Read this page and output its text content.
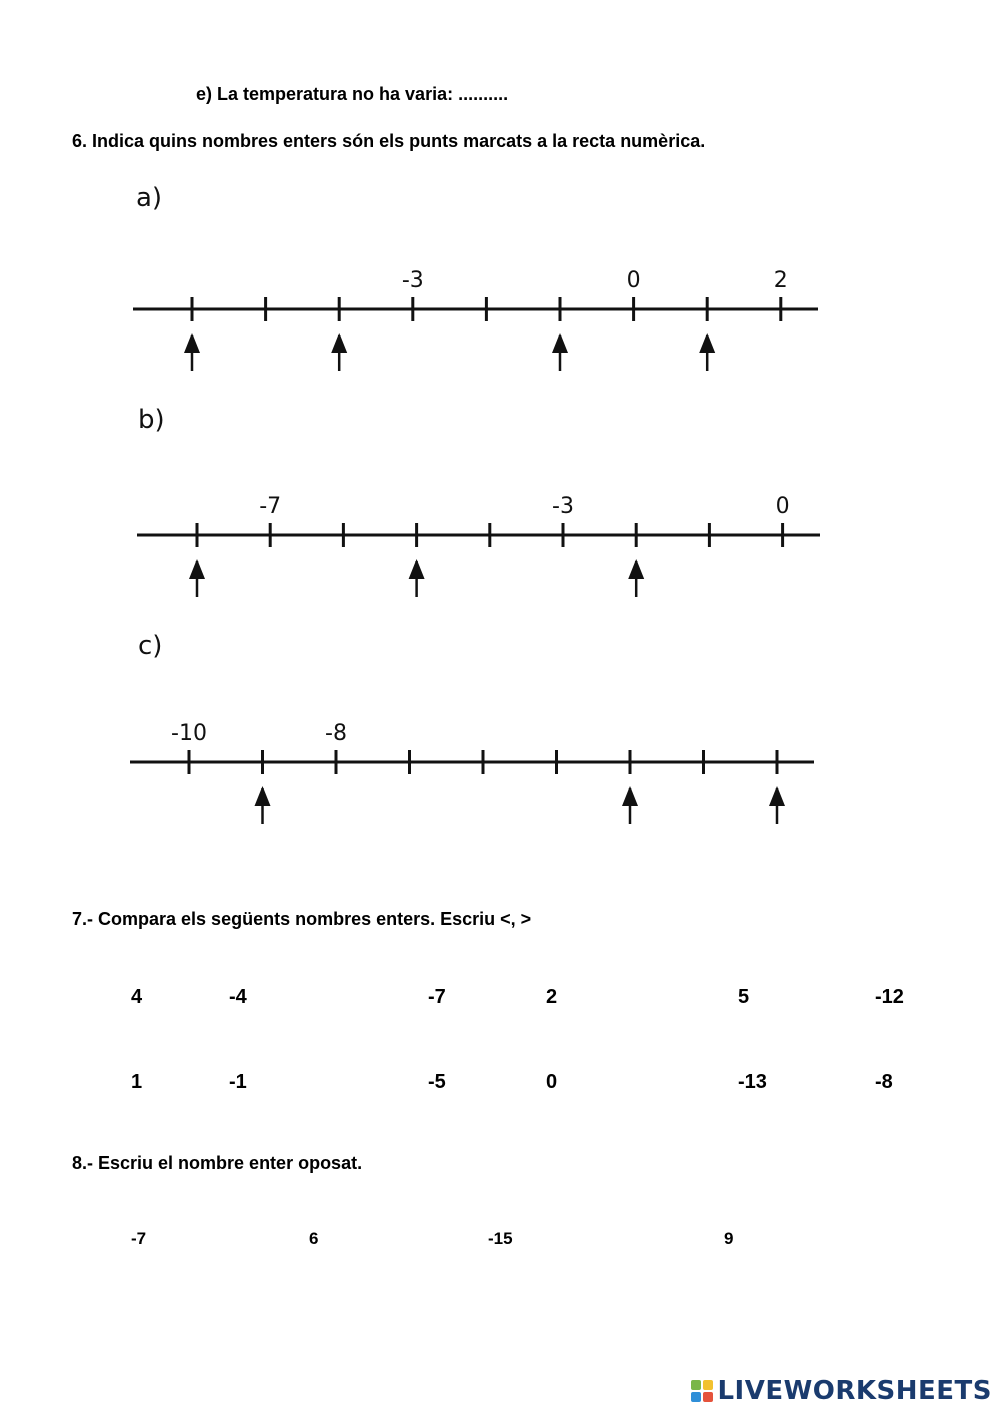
e) La temperatura no ha varia: ..........
6. Indica quins nombres enters són els punts marcats a la recta numèrica.
a)
-3	0	2
b)
-7	-3	0
c)
-10	-8
7.- Compara els següents nombres enters. Escriu <, >
4	-4	-7	2	5	-12
1	-1	-5	0	-13	-8
8.- Escriu el nombre enter oposat.
-7	6	-15	9
LIVEWORKSHEETS
